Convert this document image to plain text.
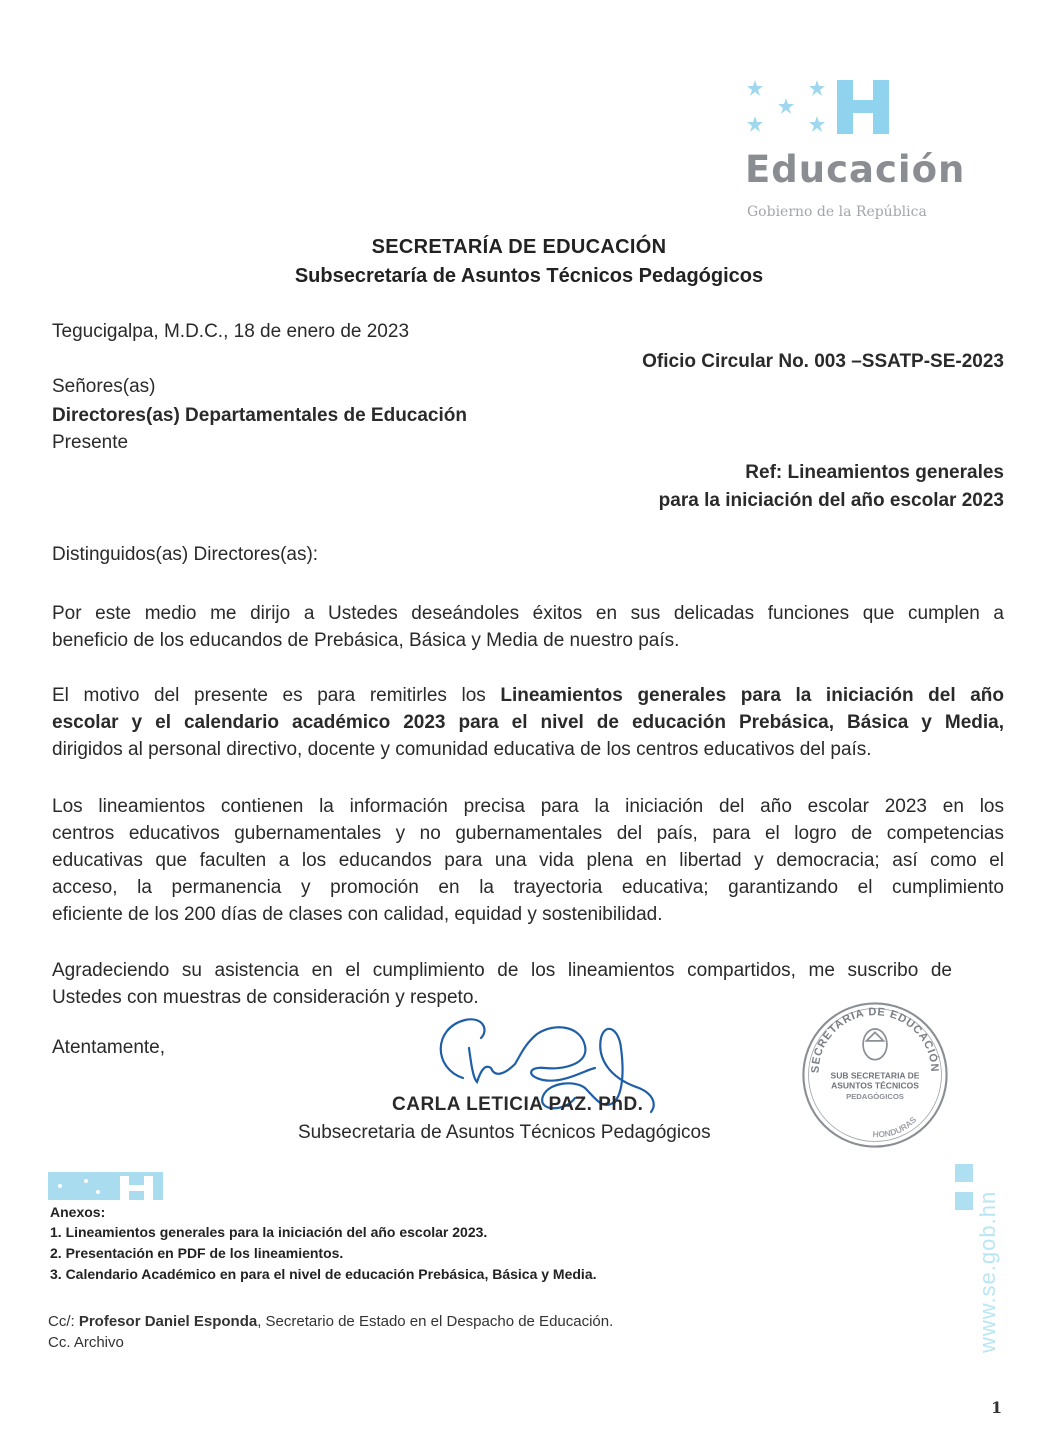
Educación
Gobierno de la República
SECRETARÍA DE EDUCACIÓN
Subsecretaría de Asuntos Técnicos Pedagógicos
Tegucigalpa, M.D.C., 18 de enero de 2023
Oficio Circular No. 003 –SSATP-SE-2023
Señores(as)
Directores(as) Departamentales de Educación
Presente
Ref: Lineamientos generales
para la iniciación del año escolar 2023
Distinguidos(as) Directores(as):
Por este medio me dirijo a Ustedes deseándoles éxitos en sus delicadas funciones que cumplen a
beneficio de los educandos de Prebásica, Básica y Media de nuestro país.
El motivo del presente es para remitirles los Lineamientos generales para la iniciación del año
escolar y el calendario académico 2023 para el nivel de educación Prebásica, Básica y Media,
dirigidos al personal directivo, docente y comunidad educativa de los centros educativos del país.
Los lineamientos contienen la información precisa para la iniciación del año escolar 2023 en los
centros educativos gubernamentales y no gubernamentales del país, para el logro de competencias
educativas que faculten a los educandos para una vida plena en libertad y democracia; así como el
acceso, la permanencia y promoción en la trayectoria educativa; garantizando el cumplimiento
eficiente de los 200 días de clases con calidad, equidad y sostenibilidad.
Agradeciendo su asistencia en el cumplimiento de los lineamientos compartidos, me suscribo de
Ustedes con muestras de consideración y respeto.
Atentamente,
SECRETARIA DE EDUCACIÓN
HONDURAS
SUB SECRETARIA DE
ASUNTOS TÉCNICOS
PEDAGÓGICOS
CARLA LETICIA PAZ. PhD.
Subsecretaria de Asuntos Técnicos Pedagógicos
Anexos:
1. Lineamientos generales para la iniciación del año escolar 2023.
2. Presentación en PDF de los lineamientos.
3. Calendario Académico en para el nivel de educación Prebásica, Básica y Media.
Cc/: Profesor Daniel Esponda, Secretario de Estado en el Despacho de Educación.
Cc. Archivo	www.se.gob.hn
1
